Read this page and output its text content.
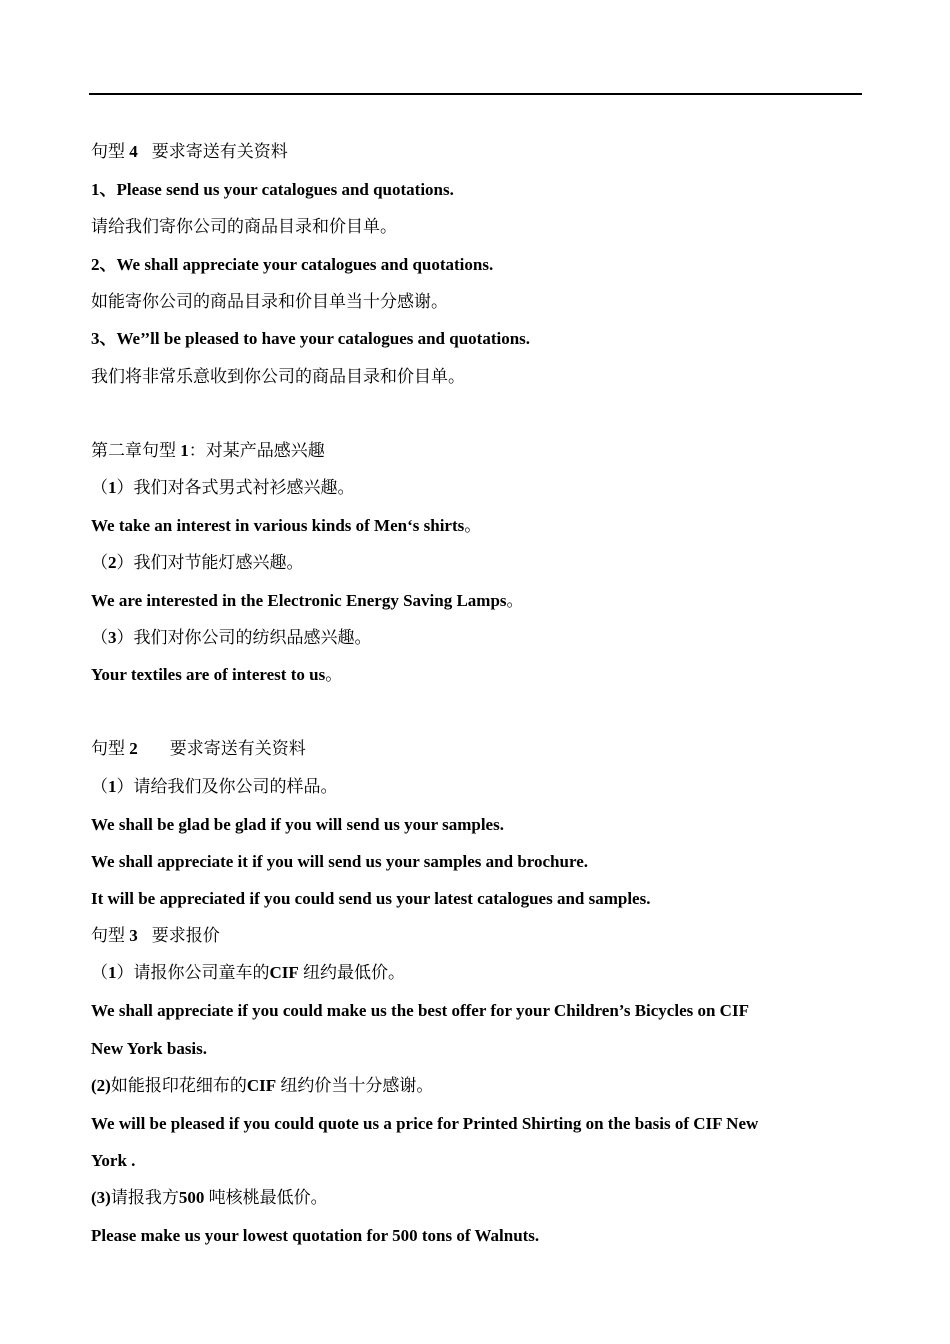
句型 4 要求寄送有关资料
1、Please send us your catalogues and quotations.
请给我们寄你公司的商品目录和价目单。
2、We shall appreciate your catalogues and quotations.
如能寄你公司的商品目录和价目单当十分感谢。
3、We’’ll be pleased to have your catalogues and quotations.
我们将非常乐意收到你公司的商品目录和价目单。
第二章句型 1：对某产品感兴趣
（1）我们对各式男式衬衫感兴趣。
We take an interest in various kinds of Men‘s shirts。
（2）我们对节能灯感兴趣。
We are interested in the Electronic Energy Saving Lamps。
（3）我们对你公司的纺织品感兴趣。
Your textiles are of interest to us。
句型 2 要求寄送有关资料
（1）请给我们及你公司的样品。
We shall be glad be glad if you will send us your samples.
We shall appreciate it if you will send us your samples and brochure.
It will be appreciated if you could send us your latest catalogues and samples.
句型 3 要求报价
（1）请报你公司童车的CIF 纽约最低价。
We shall appreciate if you could make us the best offer for your Children’s Bicycles on CIF
New York basis.
(2)如能报印花细布的CIF 纽约价当十分感谢。
We will be pleased if you could quote us a price for Printed Shirting on the basis of CIF New
York .
(3)请报我方500 吨核桃最低价。
Please make us your lowest quotation for 500 tons of Walnuts.
